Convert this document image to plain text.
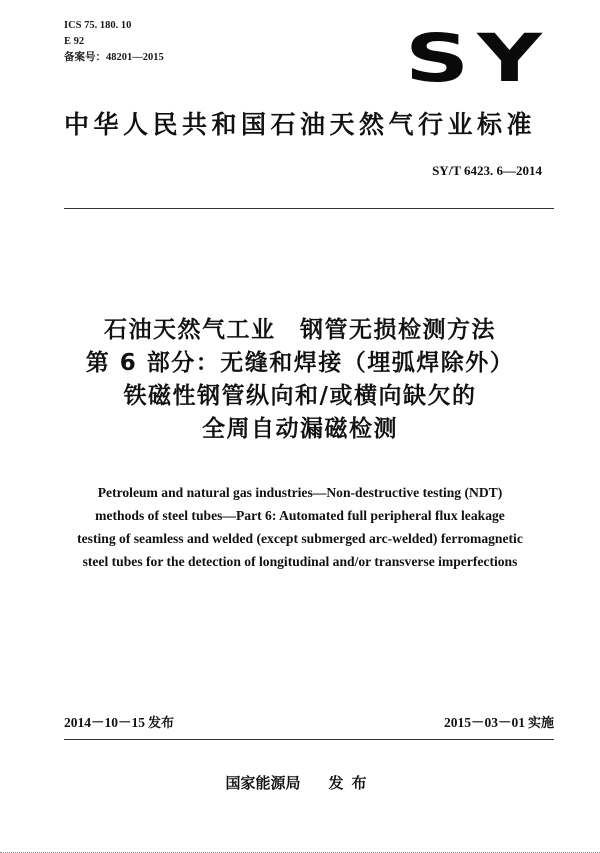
ICS 75. 180. 10
E 92
备案号：48201—2015	SY
中华人民共和国石油天然气行业标准
SY/T 6423. 6—2014
石油天然气工业　钢管无损检测方法
第 6 部分：无缝和焊接（埋弧焊除外）
铁磁性钢管纵向和/或横向缺欠的
全周自动漏磁检测
Petroleum and natural gas industries—Non-destructive testing (NDT)
methods of steel tubes—Part 6: Automated full peripheral flux leakage
testing of seamless and welded (except submerged arc-welded) ferromagnetic
steel tubes for the detection of longitudinal and/or transverse imperfections
2014－10－15 发布	2015－03－01 实施
国家能源局 发布
